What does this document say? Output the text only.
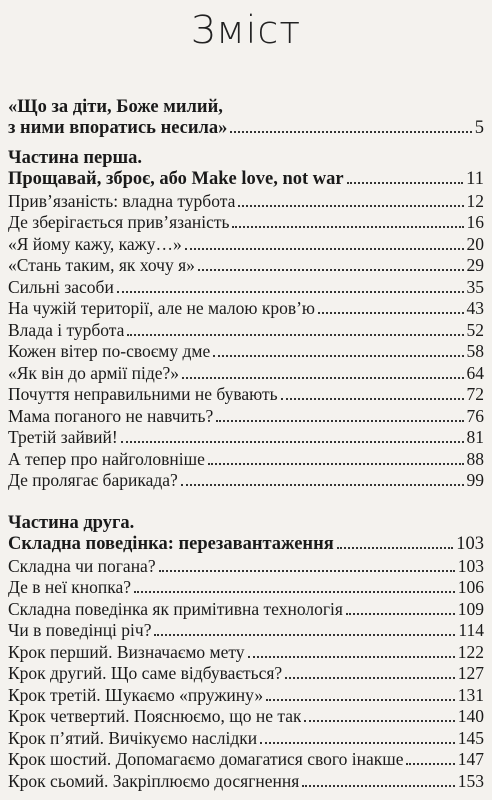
Зміст
«Що за діти, Боже милий,
з ними впоратись несила»	5
Частина перша.
Прощавай, зброє, або Make love, not war	11
Прив’язаність: владна турбота	12
Де зберігається прив’язаність	16
«Я йому кажу, кажу…»	20
«Стань таким, як хочу я»	29
Сильні засоби	35
На чужій території, але не малою кров’ю	43
Влада і турбота	52
Кожен вітер по-своєму дме	58
«Як він до армії піде?»	64
Почуття неправильними не бувають	72
Мама поганого не навчить?	76
Третій зайвий!	81
А тепер про найголовніше	88
Де пролягає барикада?	99
Частина друга.
Складна поведінка: перезавантаження	103
Складна чи погана?	103
Де в неї кнопка?	106
Складна поведінка як примітивна технологія	109
Чи в поведінці річ?	114
Крок перший. Визначаємо мету	122
Крок другий. Що саме відбувається?	127
Крок третій. Шукаємо «пружину»	131
Крок четвертий. Пояснюємо, що не так	140
Крок п’ятий. Вичікуємо наслідки	145
Крок шостий. Допомагаємо домагатися свого інакше	147
Крок сьомий. Закріплюємо досягнення	153
